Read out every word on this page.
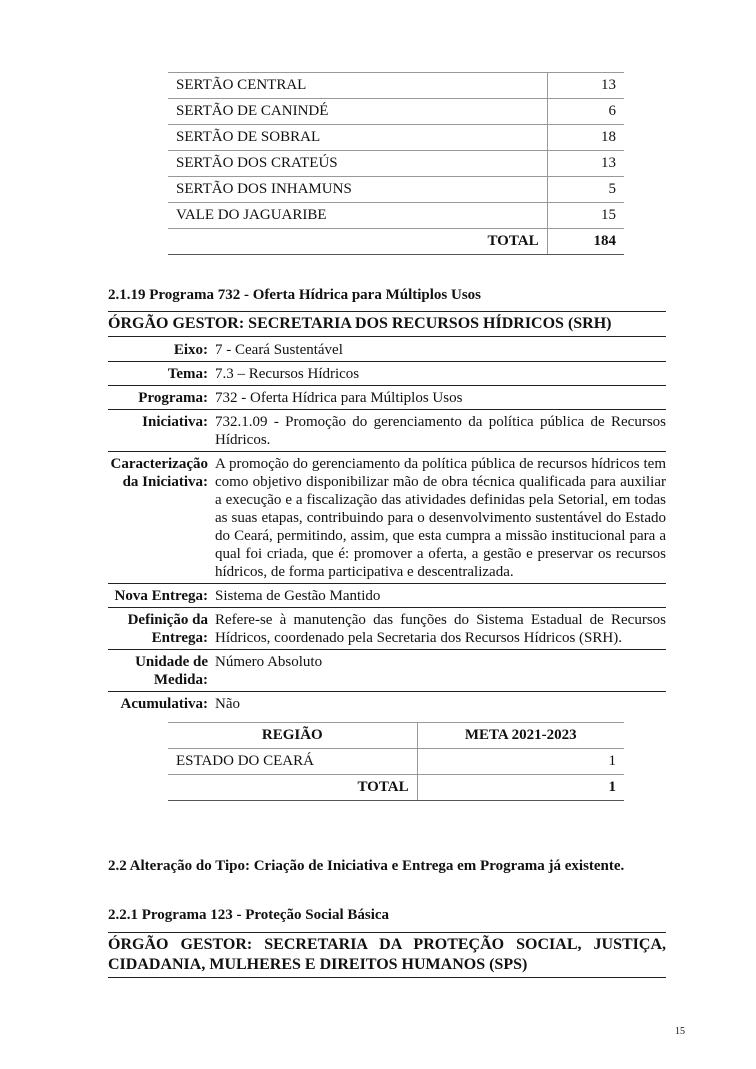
SERTÃO CENTRAL	13
SERTÃO DE CANINDÉ	6
SERTÃO DE SOBRAL	18
SERTÃO DOS CRATEÚS	13
SERTÃO DOS INHAMUNS	5
VALE DO JAGUARIBE	15
TOTAL	184
2.1.19 Programa 732 - Oferta Hídrica para Múltiplos Usos
ÓRGÃO GESTOR: SECRETARIA DOS RECURSOS HÍDRICOS (SRH)
Eixo: 7 - Ceará Sustentável
Tema: 7.3 – Recursos Hídricos
Programa: 732 - Oferta Hídrica para Múltiplos Usos
Iniciativa: 732.1.09 - Promoção do gerenciamento da política pública de Recursos Hídricos.
Caracterização da Iniciativa:
A promoção do gerenciamento da política pública de recursos hídricos tem como objetivo disponibilizar mão de obra técnica qualificada para auxiliar a execução e a fiscalização das atividades definidas pela Setorial, em todas as suas etapas, contribuindo para o desenvolvimento sustentável do Estado do Ceará, permitindo, assim, que esta cumpra a missão institucional para a qual foi criada, que é: promover a oferta, a gestão e preservar os recursos hídricos, de forma participativa e descentralizada.
Nova Entrega: Sistema de Gestão Mantido
Definição da Entrega:
Refere-se à manutenção das funções do Sistema Estadual de Recursos Hídricos, coordenado pela Secretaria dos Recursos Hídricos (SRH).
Unidade de Medida:
Número Absoluto
Acumulativa: Não
REGIÃO	META 2021-2023
ESTADO DO CEARÁ	1
TOTAL	1
2.2 Alteração do Tipo: Criação de Iniciativa e Entrega em Programa já existente.
2.2.1 Programa 123 - Proteção Social Básica
ÓRGÃO GESTOR: SECRETARIA DA PROTEÇÃO SOCIAL, JUSTIÇA,
CIDADANIA, MULHERES E DIREITOS HUMANOS (SPS)
15
